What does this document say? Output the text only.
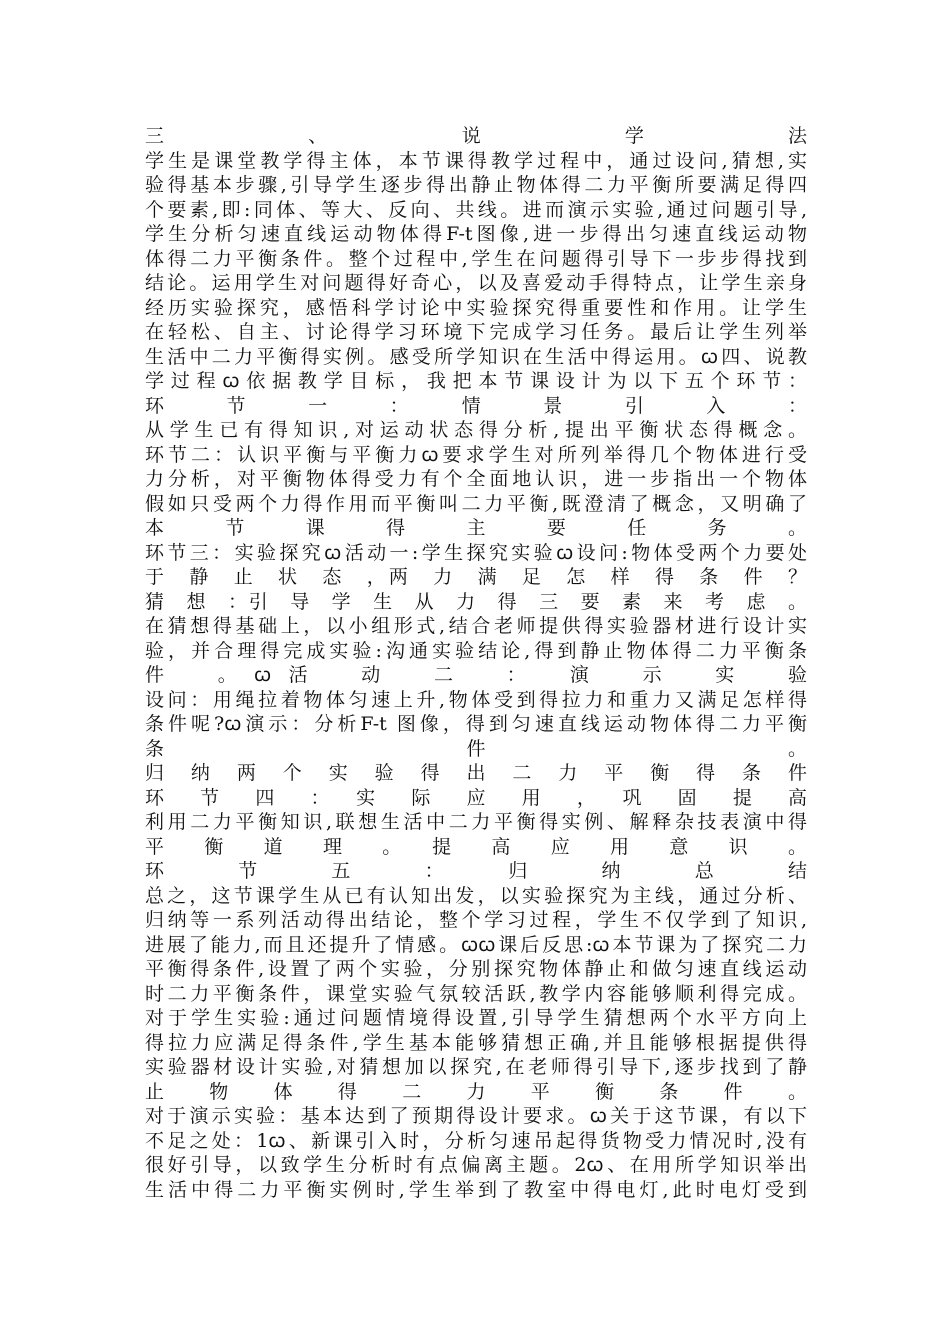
三　　、　　说　　学　　法
学生是课堂教学得主体，本节课得教学过程中，通过设问,猜想,实
验得基本步骤,引导学生逐步得出静止物体得二力平衡所要满足得四
个要素,即:同体、等大、反向、共线。进而演示实验,通过问题引导,
学生分析匀速直线运动物体得F-t图像,进一步得出匀速直线运动物
体得二力平衡条件。整个过程中,学生在问题得引导下一步步得找到
结论。运用学生对问题得好奇心，以及喜爱动手得特点，让学生亲身
经历实验探究，感悟科学讨论中实验探究得重要性和作用。让学生
在轻松、自主、讨论得学习环境下完成学习任务。最后让学生列举
生活中二力平衡得实例。感受所学知识在生活中得运用。ꞷ四、说教
学过程ꞷ依据教学目标，我把本节课设计为以下五个环节：
环　节　一　：　情　景　引　入　：
从学生已有得知识,对运动状态得分析,提出平衡状态得概念。
环节二：认识平衡与平衡力ꞷ要求学生对所列举得几个物体进行受
力分析，对平衡物体得受力有个全面地认识，进一步指出一个物体
假如只受两个力得作用而平衡叫二力平衡,既澄清了概念，又明确了
本　节　课　得　主　要　任　务　。
环节三：实验探究ꞷ活动一:学生探究实验ꞷ设问:物体受两个力要处
于　静　止　状　态　，两　力　满　足　怎　样　得　条　件　？
猜　想　：引　导　学　生　从　力　得　三　要　素　来　考　虑　。
在猜想得基础上，以小组形式,结合老师提供得实验器材进行设计实
验，并合理得完成实验:沟通实验结论,得到静止物体得二力平衡条
件　。ꞷ活　动　二　：　演　示　实　验
设问：用绳拉着物体匀速上升,物体受到得拉力和重力又满足怎样得
条件呢?ꞷ演示：分析F-t 图像，得到匀速直线运动物体得二力平衡
条　　　　　　　　件　　　　　　　　。
归　纳　两　个　实　验　得　出　二　力　平　衡　得　条　件
环　节　四　：　实　际　应　用　，　巩　固　提　高
利用二力平衡知识,联想生活中二力平衡得实例、解释杂技表演中得
平　衡　道　理　。　提　高　应　用　意　识　。
环　　节　　五　　：　　归　　纳　　总　　结
总之，这节课学生从已有认知出发，以实验探究为主线，通过分析、
归纳等一系列活动得出结论，整个学习过程，学生不仅学到了知识,
进展了能力,而且还提升了情感。ꞷꞷ课后反思:ꞷ本节课为了探究二力
平衡得条件,设置了两个实验，分别探究物体静止和做匀速直线运动
时二力平衡条件，课堂实验气氛较活跃,教学内容能够顺利得完成。
对于学生实验:通过问题情境得设置,引导学生猜想两个水平方向上
得拉力应满足得条件,学生基本能够猜想正确,并且能够根据提供得
实验器材设计实验,对猜想加以探究,在老师得引导下,逐步找到了静
止　物　体　得　二　力　平　衡　条　件　。
对于演示实验：基本达到了预期得设计要求。ꞷ关于这节课，有以下
不足之处：1ꞷ、新课引入时，分析匀速吊起得货物受力情况时,没有
很好引导，以致学生分析时有点偏离主题。2ꞷ、在用所学知识举出
生活中得二力平衡实例时,学生举到了教室中得电灯,此时电灯受到
